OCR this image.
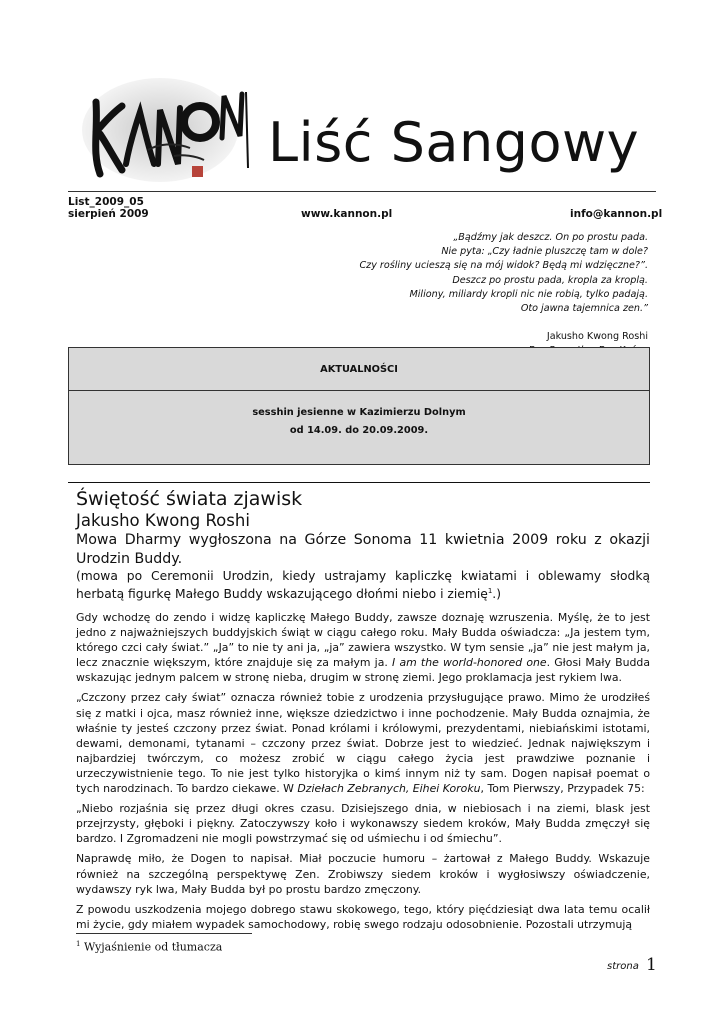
Liść Sangowy
List_2009_05
sierpień 2009	www.kannon.pl	info@kannon.pl
„Bądźmy jak deszcz. On po prostu pada.
Nie pyta: „Czy ładnie pluszczę tam w dole?
Czy rośliny ucieszą się na mój widok? Będą mi wdzięczne?”.
Deszcz po prostu pada, kropla za kroplą.
Miliony, miliardy kropli nic nie robią, tylko padają.
Oto jawna tajemnica zen.”
Jakusho Kwong Roshi
AKTUALNOŚCI
sesshin jesienne w Kazimierzu Dolnym
od 14.09. do 20.09.2009.
Świętość świata zjawisk
Jakusho Kwong Roshi
Mowa Dharmy wygłoszona na Górze Sonoma 11 kwietnia 2009 roku z okazji Urodzin Buddy.
(mowa po Ceremonii Urodzin, kiedy ustrajamy kapliczkę kwiatami i oblewamy słodką herbatą figurkę Małego Buddy wskazującego dłońmi niebo i ziemię$^1$.)

Gdy wchodzę do zendo i widzę kapliczkę Małego Buddy, zawsze doznaję wzruszenia. Myślę, że to jest jedno z najważniejszych buddyjskich świąt w ciągu całego roku. Mały Budda oświadcza: „Ja jestem tym, którego czci cały świat.” „Ja” to nie ty ani ja, „ja” zawiera wszystko. W tym sensie „ja” nie jest małym ja, lecz znacznie większym, które znajduje się za małym ja. I am the world-honored one. Głosi Mały Budda wskazując jednym palcem w stronę nieba, drugim w stronę ziemi. Jego proklamacja jest rykiem lwa.

„Czczony przez cały świat” oznacza również tobie z urodzenia przysługujące prawo. Mimo że urodziłeś się z matki i ojca, masz również inne, większe dziedzictwo i inne pochodzenie. Mały Budda oznajmia, że właśnie ty jesteś czczony przez świat. Ponad królami i królowymi, prezydentami, niebiańskimi istotami, dewami, demonami, tytanami – czczony przez świat. Dobrze jest to wiedzieć. Jednak największym i najbardziej twórczym, co możesz zrobić w ciągu całego życia jest prawdziwe poznanie i urzeczywistnienie tego. To nie jest tylko historyjka o kimś innym niż ty sam. Dogen napisał poemat o tych narodzinach. To bardzo ciekawe. W Dziełach Zebranych, Eihei Koroku, Tom Pierwszy, Przypadek 75:

„Niebo rozjaśnia się przez długi okres czasu. Dzisiejszego dnia, w niebiosach i na ziemi, blask jest przejrzysty, głęboki i piękny. Zatoczywszy koło i wykonawszy siedem kroków, Mały Budda zmęczył się bardzo. I Zgromadzeni nie mogli powstrzymać się od uśmiechu i od śmiechu”.

Naprawdę miło, że Dogen to napisał. Miał poczucie humoru – żartował z Małego Buddy. Wskazuje również na szczególną perspektywę Zen. Zrobiwszy siedem kroków i wygłosiwszy oświadczenie, wydawszy ryk lwa, Mały Budda był po prostu bardzo zmęczony.

Z powodu uszkodzenia mojego dobrego stawu skokowego, tego, który pięćdziesiąt dwa lata temu ocalił mi życie, gdy miałem wypadek samochodowy, robię swego rodzaju odosobnienie. Pozostali utrzymują

$^1$ Wyjaśnienie od tłumacza
strona 1
